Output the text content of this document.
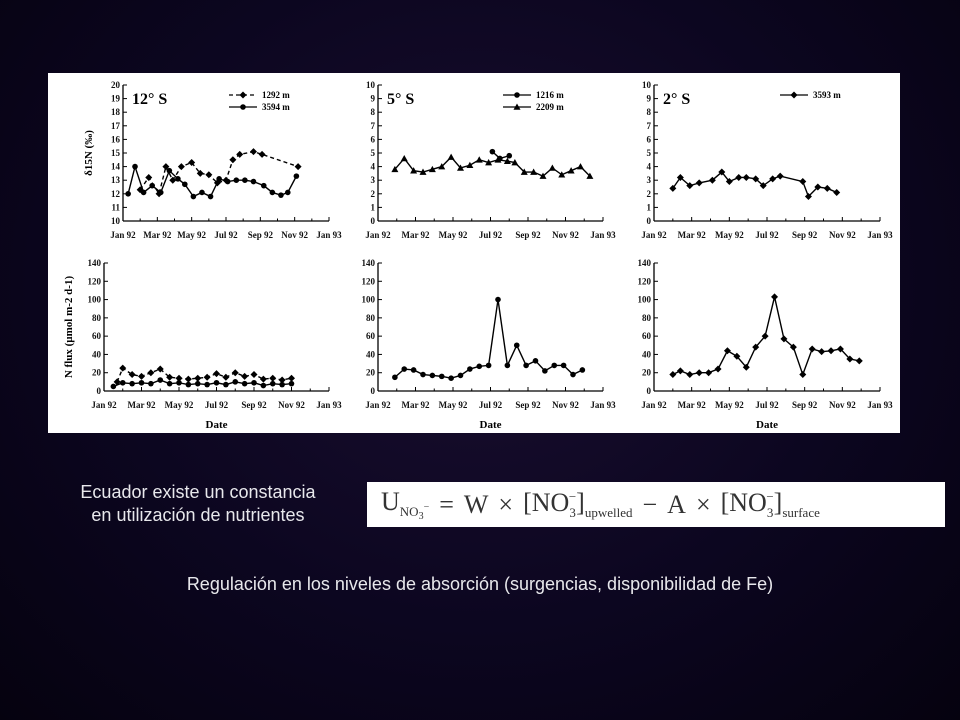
10
11
12
13
14
15
16
17
18
19
20
Jan 92 Mar 92 May 92 Jul 92 Sep 92 Nov 92 Jan 93
12° S
δ15N (‰)
1292 m
3594 m
0
1
2
3
4
5
6
7
8
9
10
Jan 92 Mar 92 May 92 Jul 92 Sep 92 Nov 92 Jan 93
5° S	1216 m
2209 m
0
1
2
3
4
5
6
7
8
9
10
Jan 92 Mar 92 May 92 Jul 92 Sep 92 Nov 92 Jan 93
2° S	3593 m
0
20
40
60
80
100
120
140
Jan 92 Mar 92 May 92 Jul 92 Sep 92 Nov 92 Jan 93
Date
N flux (µmol m-2 d-1)
0
20
40
60
80
100
120
140
Jan 92 Mar 92 May 92 Jul 92 Sep 92 Nov 92 Jan 93
Date
0
20
40
60
80
100
120
140
Jan 92 Mar 92 May 92 Jul 92 Sep 92 Nov 92 Jan 93
Date
Ecuador existe un constancia
en utilización de nutrientes	$U_{NO_3^-} = W \times [NO_3^-]_{upwelled} - A \times [NO_3^-]_{surface}$
Regulación en los niveles de absorción (surgencias, disponibilidad de Fe)
